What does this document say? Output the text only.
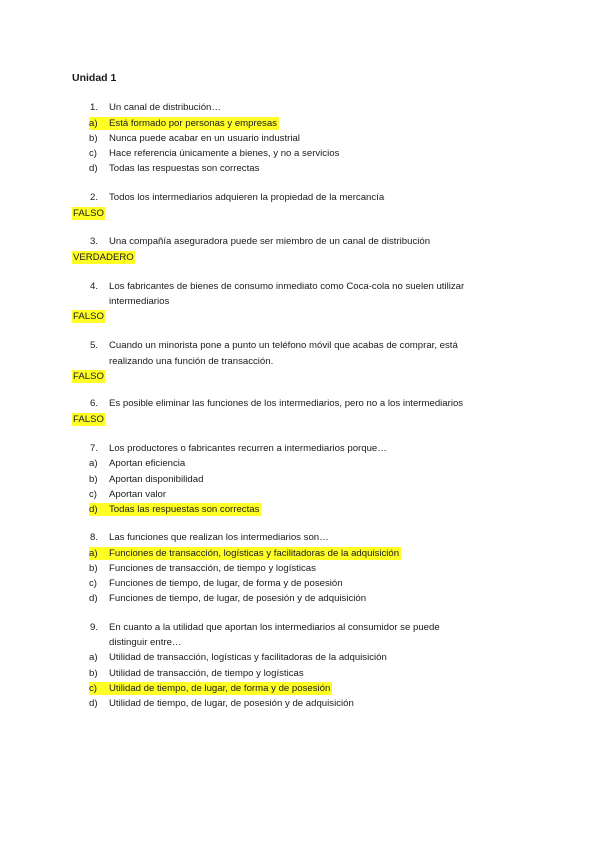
Unidad 1
1. Un canal de distribución…
a) Está formado por personas y empresas
b) Nunca puede acabar en un usuario industrial
c) Hace referencia únicamente a bienes, y no a servicios
d) Todas las respuestas son correctas
2. Todos los intermediarios adquieren la propiedad de la mercancía
FALSO
3. Una compañía aseguradora puede ser miembro de un canal de distribución
VERDADERO
4. Los fabricantes de bienes de consumo inmediato como Coca-cola no suelen utilizar
intermediarios
FALSO
5. Cuando un minorista pone a punto un teléfono móvil que acabas de comprar, está
realizando una función de transacción.
FALSO
6. Es posible eliminar las funciones de los intermediarios, pero no a los intermediarios
FALSO
7. Los productores o fabricantes recurren a intermediarios porque…
a) Aportan eficiencia
b) Aportan disponibilidad
c) Aportan valor
d) Todas las respuestas son correctas
8. Las funciones que realizan los intermediarios son…
a) Funciones de transacción, logísticas y facilitadoras de la adquisición
b) Funciones de transacción, de tiempo y logísticas
c) Funciones de tiempo, de lugar, de forma y de posesión
d) Funciones de tiempo, de lugar, de posesión y de adquisición
9. En cuanto a la utilidad que aportan los intermediarios al consumidor se puede
distinguir entre…
a) Utilidad de transacción, logísticas y facilitadoras de la adquisición
b) Utilidad de transacción, de tiempo y logísticas
c) Utilidad de tiempo, de lugar, de forma y de posesión
d) Utilidad de tiempo, de lugar, de posesión y de adquisición
